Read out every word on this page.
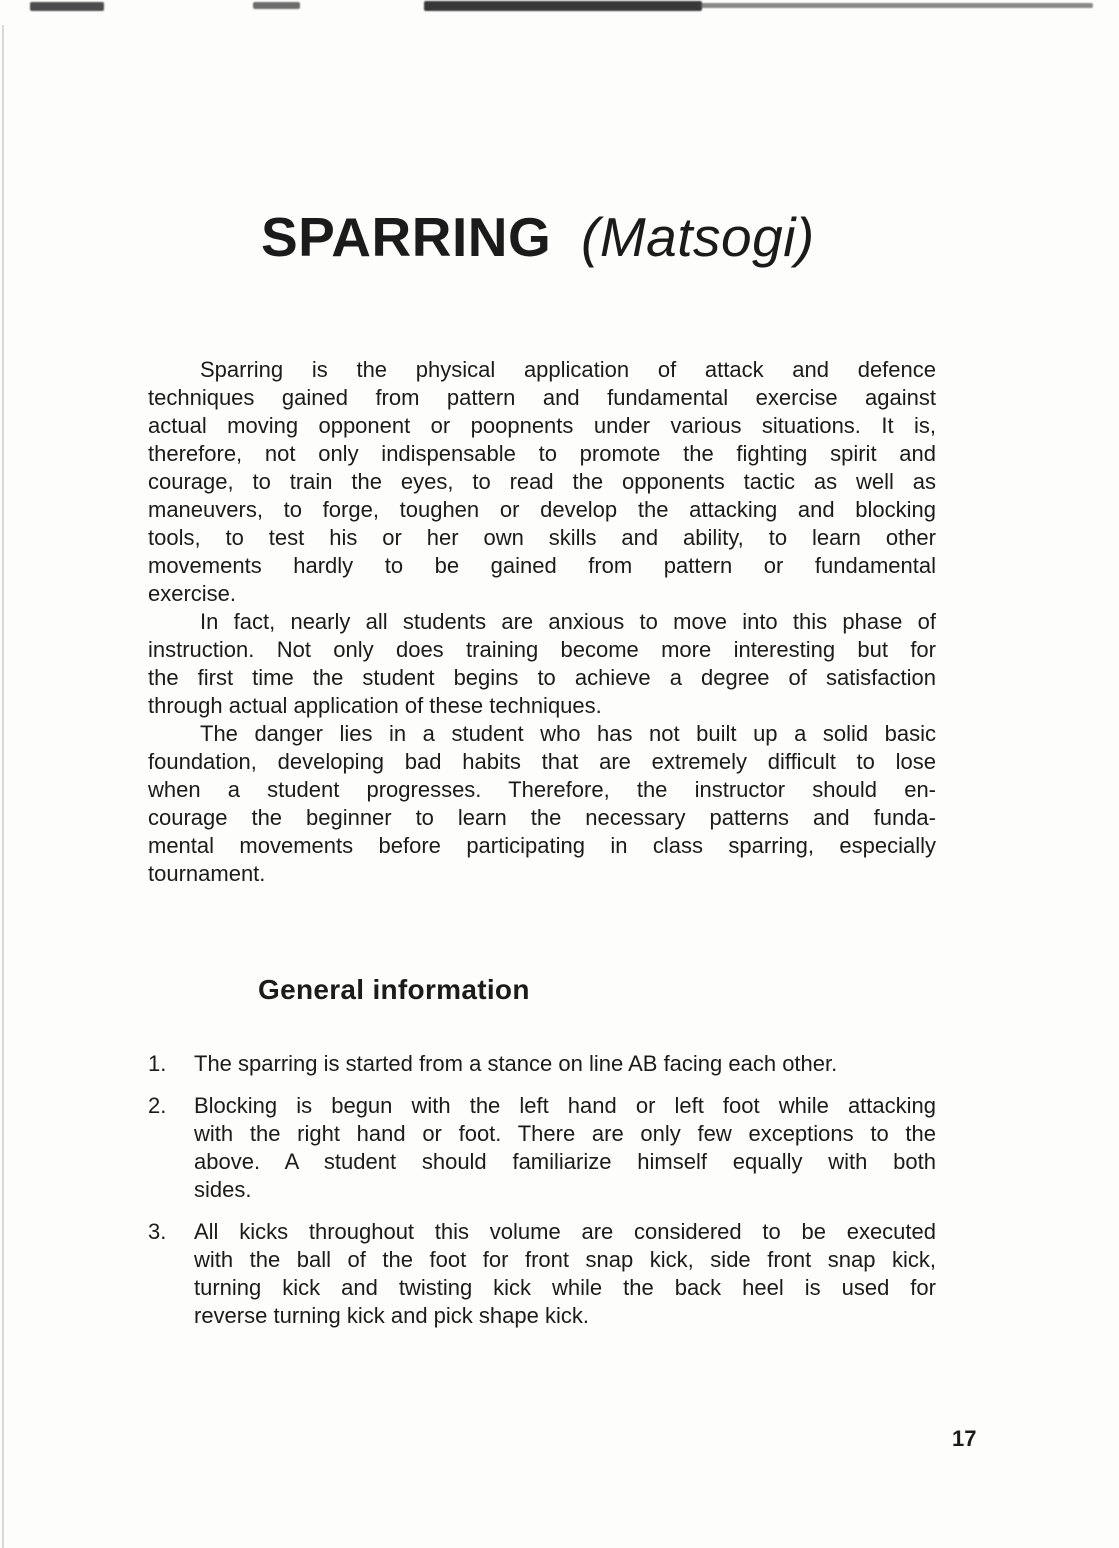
SPARRING (Matsogi)
Sparring is the physical application of attack and defence
techniques gained from pattern and fundamental exercise against
actual moving opponent or poopnents under various situations. It is,
therefore, not only indispensable to promote the fighting spirit and
courage, to train the eyes, to read the opponents tactic as well as
maneuvers, to forge, toughen or develop the attacking and blocking
tools, to test his or her own skills and ability, to learn other
movements hardly to be gained from pattern or fundamental
exercise.
In fact, nearly all students are anxious to move into this phase of
instruction. Not only does training become more interesting but for
the first time the student begins to achieve a degree of satisfaction
through actual application of these techniques.
The danger lies in a student who has not built up a solid basic
foundation, developing bad habits that are extremely difficult to lose
when a student progresses. Therefore, the instructor should en-
courage the beginner to learn the necessary patterns and funda-
mental movements before participating in class sparring, especially
tournament.
General information
1.	The sparring is started from a stance on line AB facing each other.
2.	Blocking is begun with the left hand or left foot while attacking
with the right hand or foot. There are only few exceptions to the
above. A student should familiarize himself equally with both
sides.
3.	All kicks throughout this volume are considered to be executed
with the ball of the foot for front snap kick, side front snap kick,
turning kick and twisting kick while the back heel is used for
reverse turning kick and pick shape kick.
17
